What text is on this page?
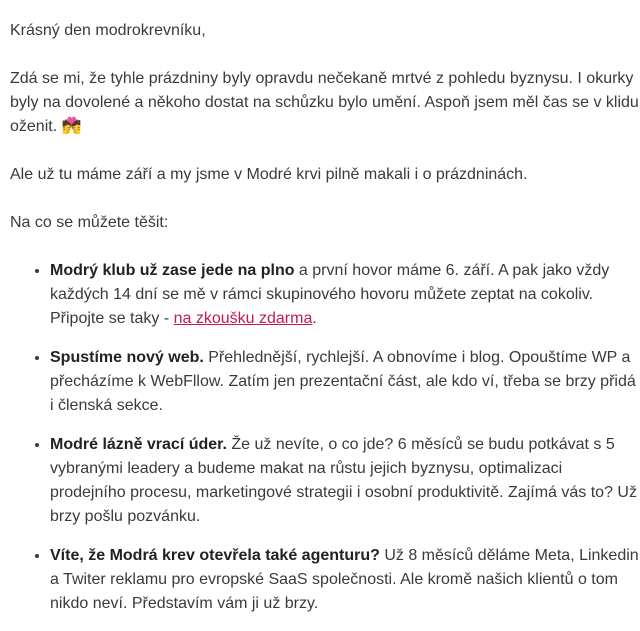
Krásný den modrokrevníku,

Zdá se mi, že tyhle prázdniny byly opravdu nečekaně mrtvé z pohledu byznysu. I okurky byly na dovolené a někoho dostat na schůzku bylo umění. Aspoň jsem měl čas se v klidu oženit. 💏

Ale už tu máme září a my jsme v Modré krvi pilně makali i o prázdninách.

Na co se můžete těšit:

• Modrý klub už zase jede na plno a první hovor máme 6. září. A pak jako vždy každých 14 dní se mě v rámci skupinového hovoru můžete zeptat na cokoliv. Připojte se taky - na zkoušku zdarma.
• Spustíme nový web. Přehlednější, rychlejší. A obnovíme i blog. Opouštíme WP a přecházíme k WebFllow. Zatím jen prezentační část, ale kdo ví, třeba se brzy přidá i členská sekce.
• Modré lázně vrací úder. Že už nevíte, o co jde? 6 měsíců se budu potkávat s 5 vybranými leadery a budeme makat na růstu jejich byznysu, optimalizaci prodejního procesu, marketingové strategii i osobní produktivitě. Zajímá vás to? Už brzy pošlu pozvánku.
• Víte, že Modrá krev otevřela také agenturu? Už 8 měsíců děláme Meta, Linkedin a Twiter reklamu pro evropské SaaS společnosti. Ale kromě našich klientů o tom nikdo neví. Představím vám ji už brzy.
